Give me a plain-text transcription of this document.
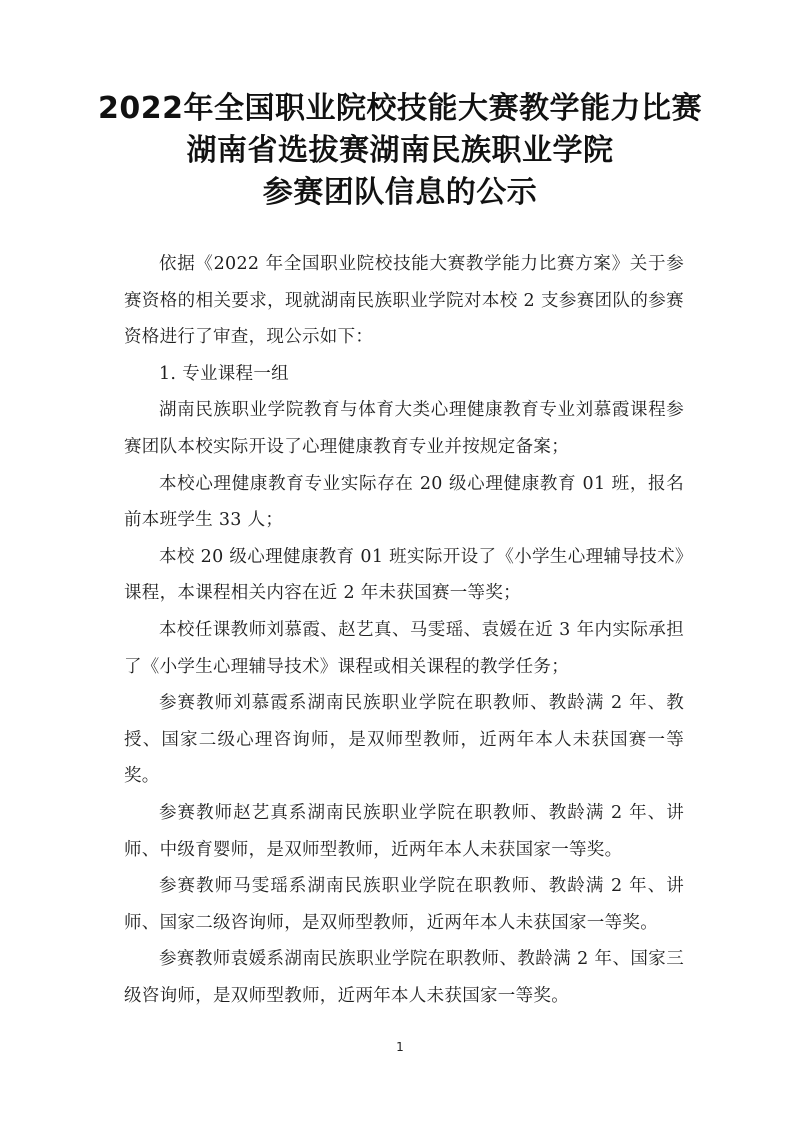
2022年全国职业院校技能大赛教学能力比赛
湖南省选拔赛湖南民族职业学院
参赛团队信息的公示

依据《2022 年全国职业院校技能大赛教学能力比赛方案》关于参赛资格的相关要求，现就湖南民族职业学院对本校 2 支参赛团队的参赛资格进行了审查，现公示如下：

1. 专业课程一组

湖南民族职业学院教育与体育大类心理健康教育专业刘慕霞课程参赛团队本校实际开设了心理健康教育专业并按规定备案；

本校心理健康教育专业实际存在 20 级心理健康教育 01 班，报名前本班学生 33 人；

本校 20 级心理健康教育 01 班实际开设了《小学生心理辅导技术》课程，本课程相关内容在近 2 年未获国赛一等奖；

本校任课教师刘慕霞、赵艺真、马雯瑶、袁媛在近 3 年内实际承担了《小学生心理辅导技术》课程或相关课程的教学任务；

参赛教师刘慕霞系湖南民族职业学院在职教师、教龄满 2 年、教授、国家二级心理咨询师，是双师型教师，近两年本人未获国赛一等奖。

参赛教师赵艺真系湖南民族职业学院在职教师、教龄满 2 年、讲师、中级育婴师，是双师型教师，近两年本人未获国家一等奖。

参赛教师马雯瑶系湖南民族职业学院在职教师、教龄满 2 年、讲师、国家二级咨询师，是双师型教师，近两年本人未获国家一等奖。

参赛教师袁媛系湖南民族职业学院在职教师、教龄满 2 年、国家三级咨询师，是双师型教师，近两年本人未获国家一等奖。

1
